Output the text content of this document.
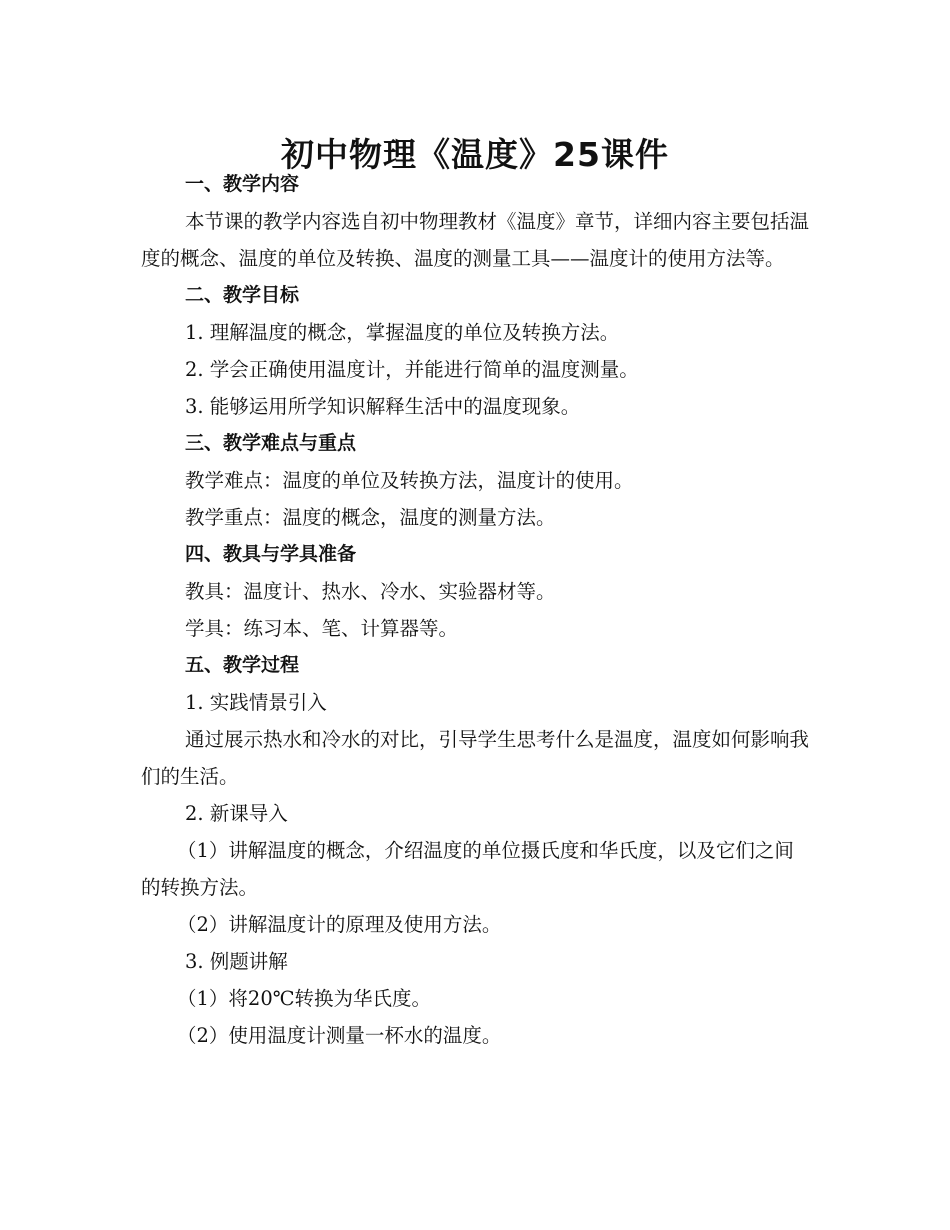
初中物理《温度》25课件

一、教学内容

本节课的教学内容选自初中物理教材《温度》章节，详细内容主要包括温度的概念、温度的单位及转换、温度的测量工具——温度计的使用方法等。

二、教学目标

1. 理解温度的概念，掌握温度的单位及转换方法。

2. 学会正确使用温度计，并能进行简单的温度测量。

3. 能够运用所学知识解释生活中的温度现象。

三、教学难点与重点

教学难点：温度的单位及转换方法，温度计的使用。

教学重点：温度的概念，温度的测量方法。

四、教具与学具准备

教具：温度计、热水、冷水、实验器材等。

学具：练习本、笔、计算器等。

五、教学过程

1. 实践情景引入

通过展示热水和冷水的对比，引导学生思考什么是温度，温度如何影响我们的生活。

2. 新课导入

（1）讲解温度的概念，介绍温度的单位摄氏度和华氏度，以及它们之间的转换方法。

（2）讲解温度计的原理及使用方法。

3. 例题讲解

（1）将20℃转换为华氏度。

（2）使用温度计测量一杯水的温度。
